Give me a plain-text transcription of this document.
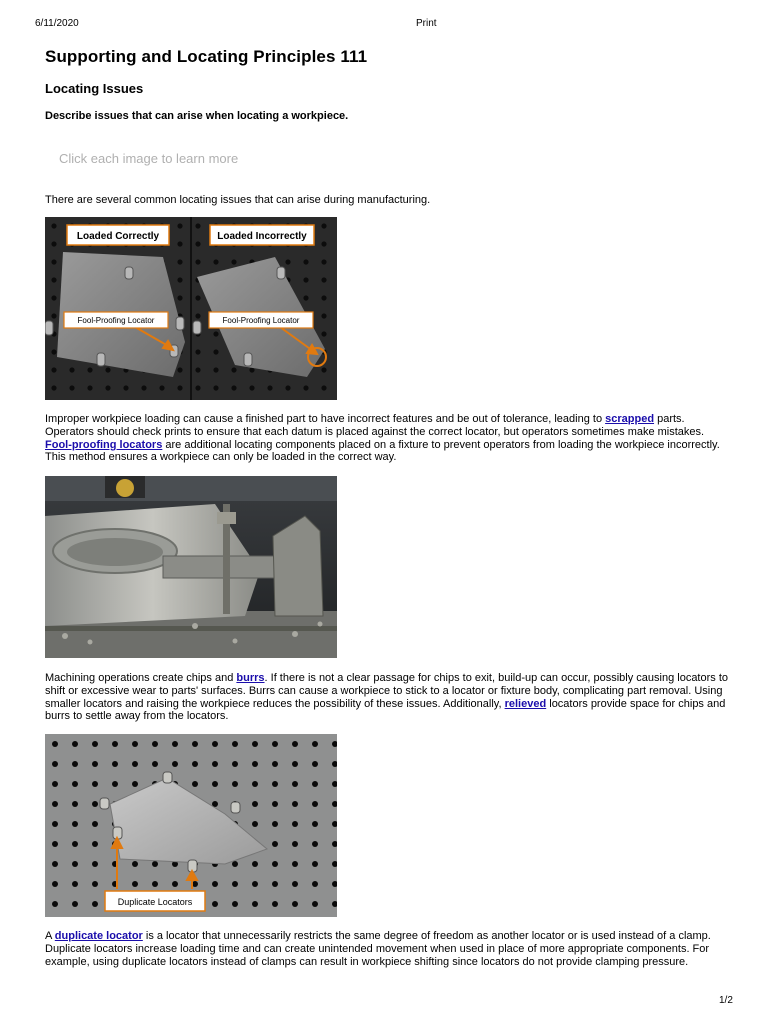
6/11/2020	Print
Supporting and Locating Principles 111
Locating Issues
Describe issues that can arise when locating a workpiece.
Click each image to learn more
There are several common locating issues that can arise during manufacturing.
Loaded Correctly	Loaded Incorrectly
Fool-Proofing Locator	Fool-Proofing Locator
Improper workpiece loading can cause a finished part to have incorrect features and be out of tolerance, leading to scrapped parts. Operators should check prints to ensure that each datum is placed against the correct locator, but operators sometimes make mistakes. Fool-proofing locators are additional locating components placed on a fixture to prevent operators from loading the workpiece incorrectly. This method ensures a workpiece can only be loaded in the correct way.
Machining operations create chips and burrs. If there is not a clear passage for chips to exit, build-up can occur, possibly causing locators to shift or excessive wear to parts' surfaces. Burrs can cause a workpiece to stick to a locator or fixture body, complicating part removal. Using smaller locators and raising the workpiece reduces the possibility of these issues. Additionally, relieved locators provide space for chips and burrs to settle away from the locators.
Duplicate Locators
A duplicate locator is a locator that unnecessarily restricts the same degree of freedom as another locator or is used instead of a clamp. Duplicate locators increase loading time and can create unintended movement when used in place of more appropriate components. For example, using duplicate locators instead of clamps can result in workpiece shifting since locators do not provide clamping pressure.
1/2
